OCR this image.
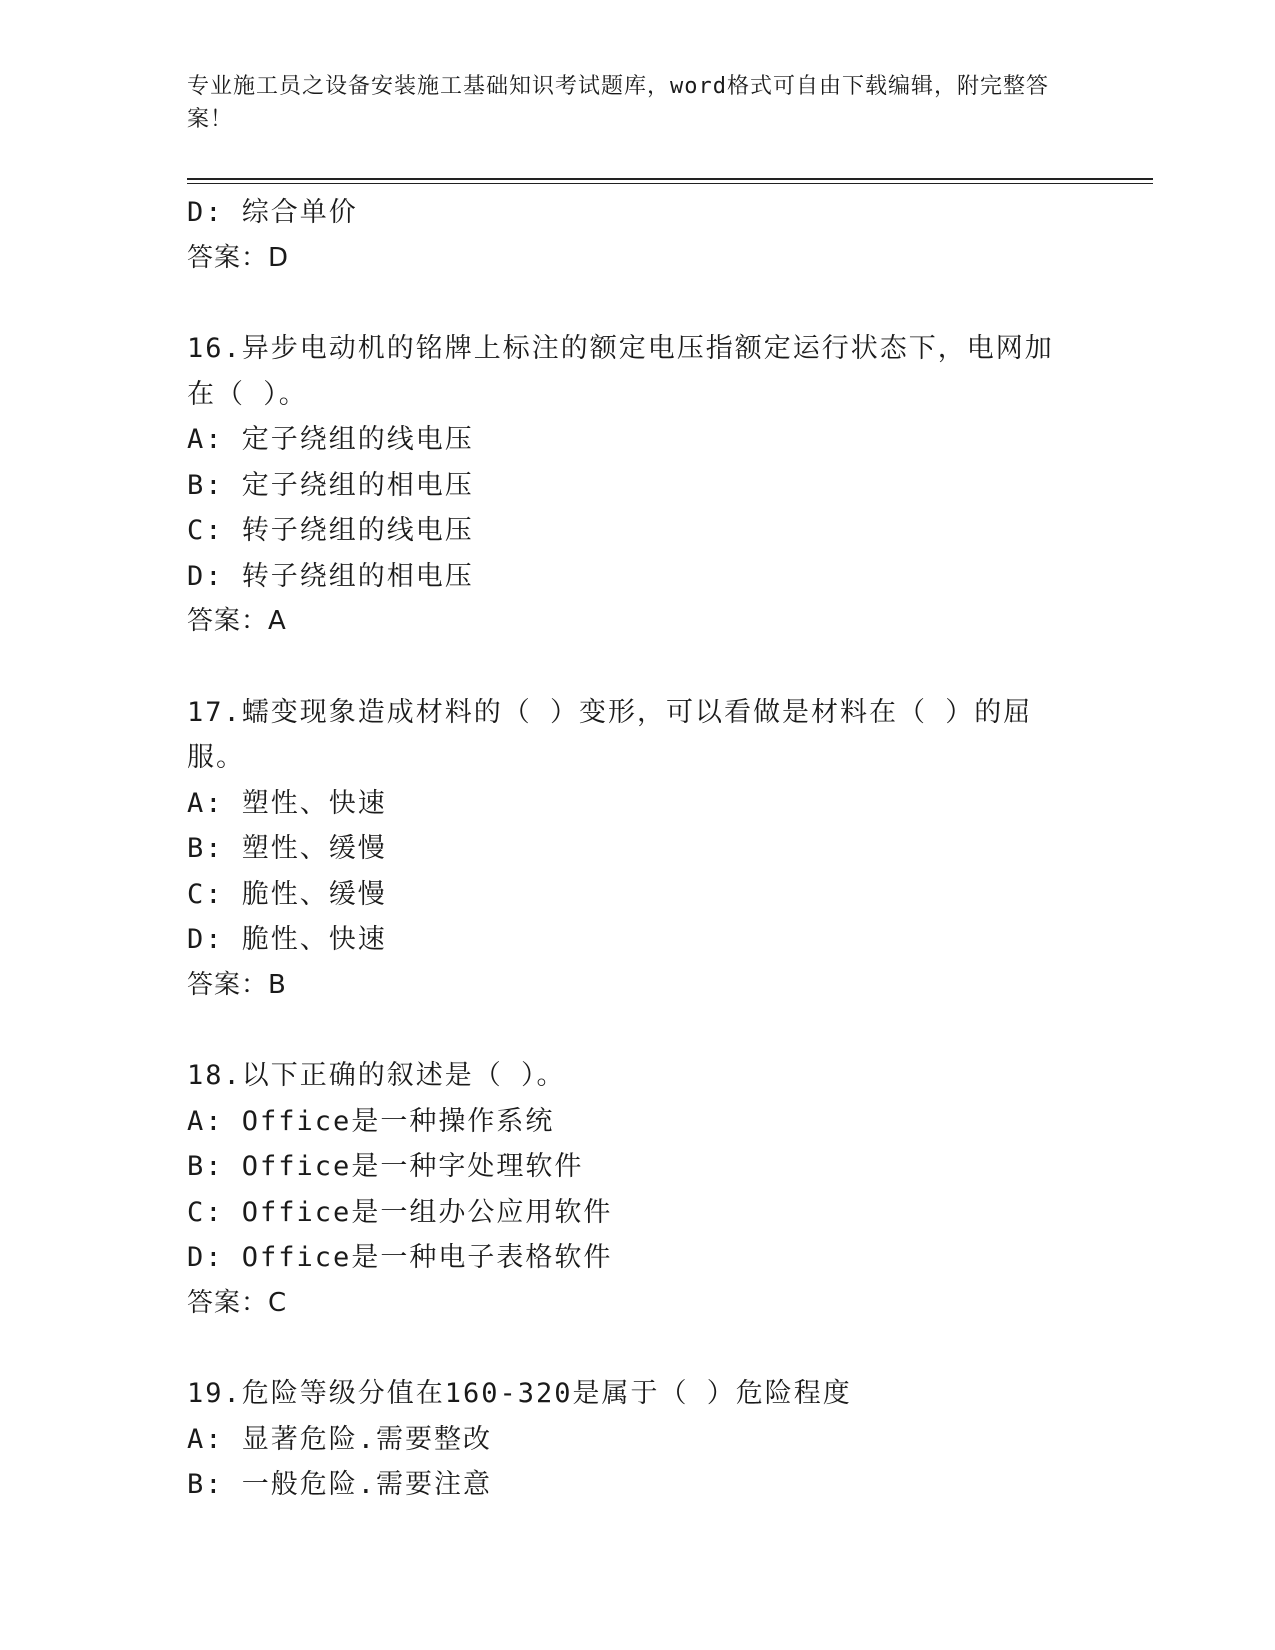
专业施工员之设备安装施工基础知识考试题库，word格式可自由下载编辑，附完整答案！
D: 综合单价
答案：D
16.异步电动机的铭牌上标注的额定电压指额定运行状态下，电网加在（ ）。
A: 定子绕组的线电压
B: 定子绕组的相电压
C: 转子绕组的线电压
D: 转子绕组的相电压
答案：A
17.蠕变现象造成材料的（ ）变形，可以看做是材料在（ ）的屈服。
A: 塑性、快速
B: 塑性、缓慢
C: 脆性、缓慢
D: 脆性、快速
答案：B
18.以下正确的叙述是（ ）。
A: Office是一种操作系统
B: Office是一种字处理软件
C: Office是一组办公应用软件
D: Office是一种电子表格软件
答案：C
19.危险等级分值在160-320是属于（ ）危险程度
A: 显著危险.需要整改
B: 一般危险.需要注意
